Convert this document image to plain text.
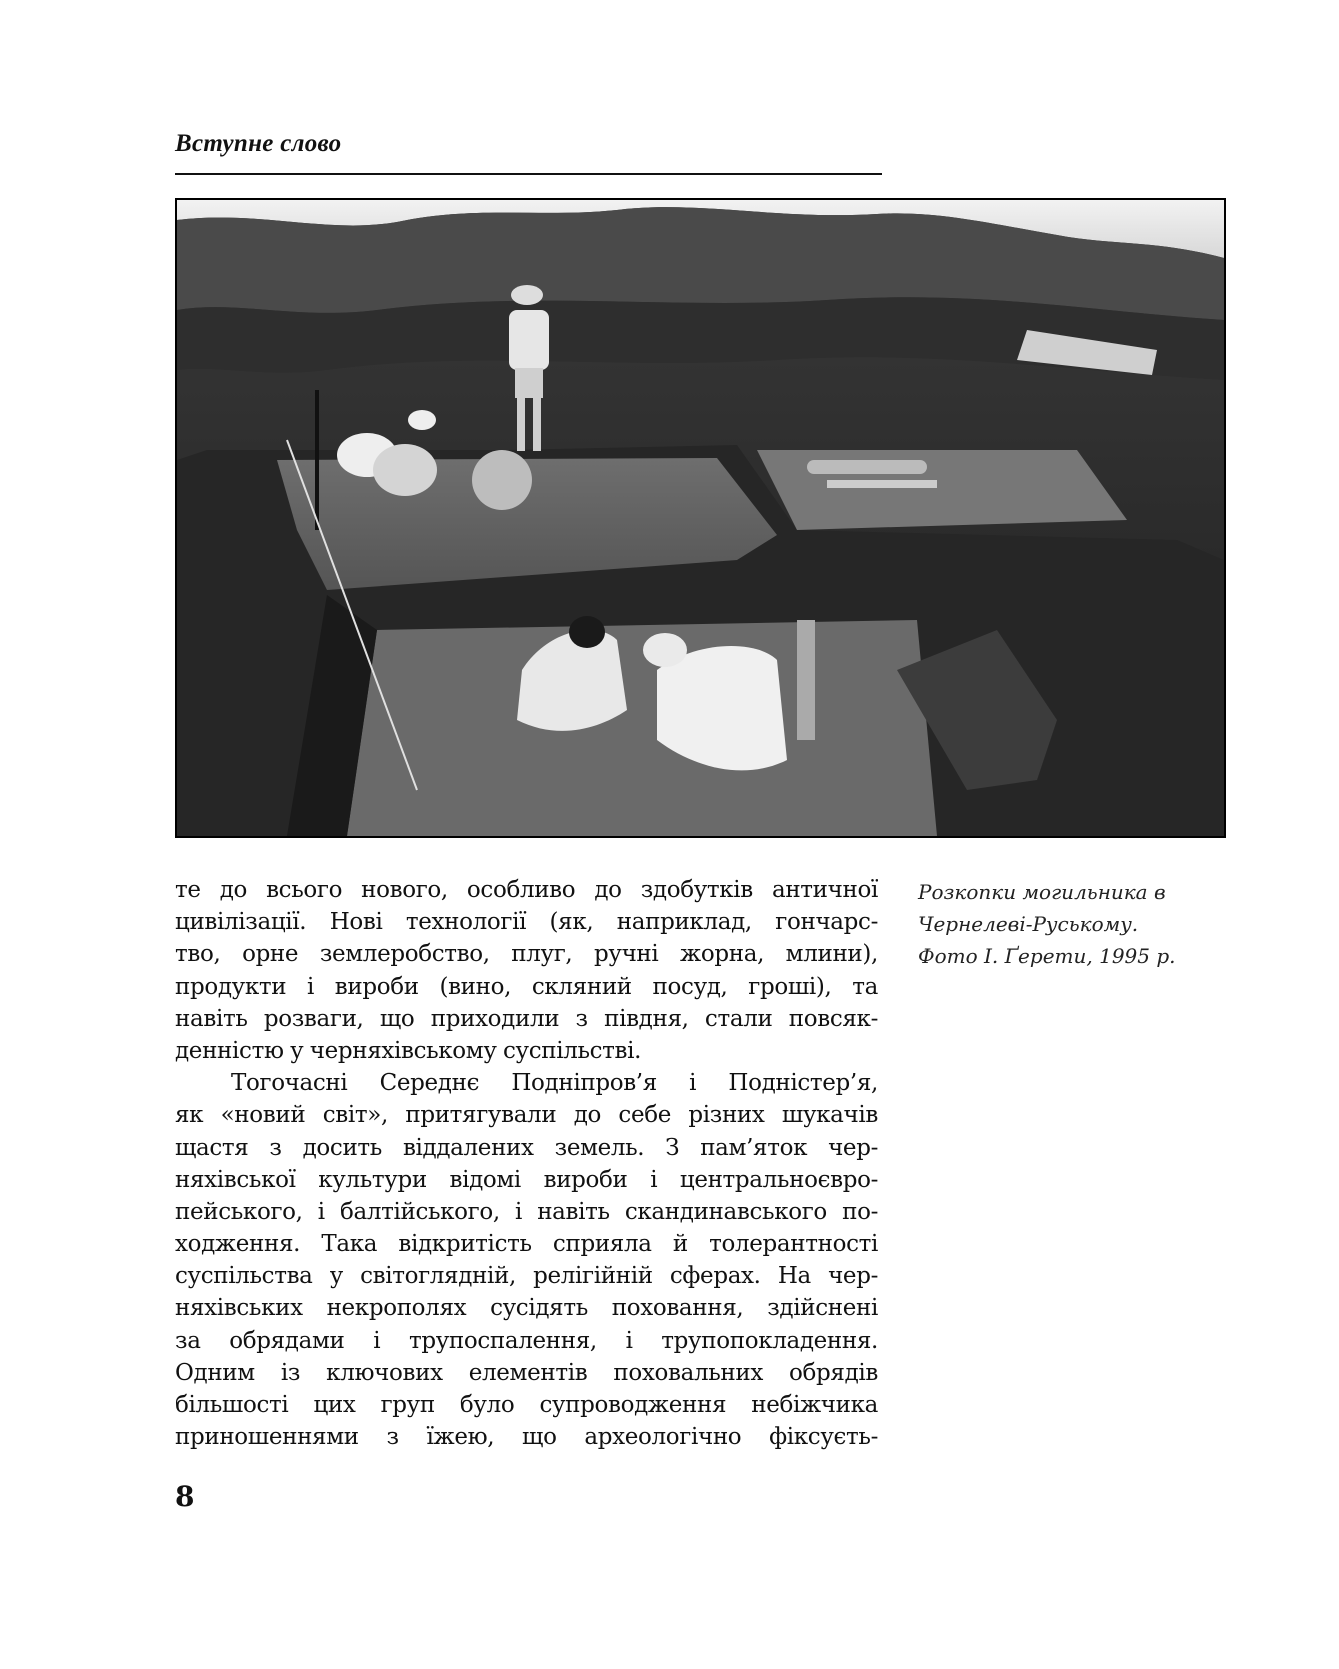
Вступне слово
Розкопки могильника в
Чернелеві-Руському.
Фото І. Ґерети, 1995 р.
те до всього нового, особливо до здобутків античної
цивілізації. Нові технології (як, наприклад, гончарс-
тво, орне землеробство, плуг, ручні жорна, млини),
продукти і вироби (вино, скляний посуд, гроші), та
навіть розваги, що приходили з півдня, стали повсяк-
денністю у черняхівському суспільстві.
Тогочасні Середнє Подніпров’я і Подністер’я,
як «новий світ», притягували до себе різних шукачів
щастя з досить віддалених земель. З пам’яток чер-
няхівської культури відомі вироби і центральноєвро-
пейського, і балтійського, і навіть скандинавського по-
ходження. Така відкритість сприяла й толерантності
суспільства у світоглядній, релігійній сферах. На чер-
няхівських некрополях сусідять поховання, здійснені
за обрядами і трупоспалення, і трупопокладення.
Одним із ключових елементів поховальних обрядів
більшості цих груп було супроводження небіжчика
приношеннями з їжею, що археологічно фіксуєть-
8
